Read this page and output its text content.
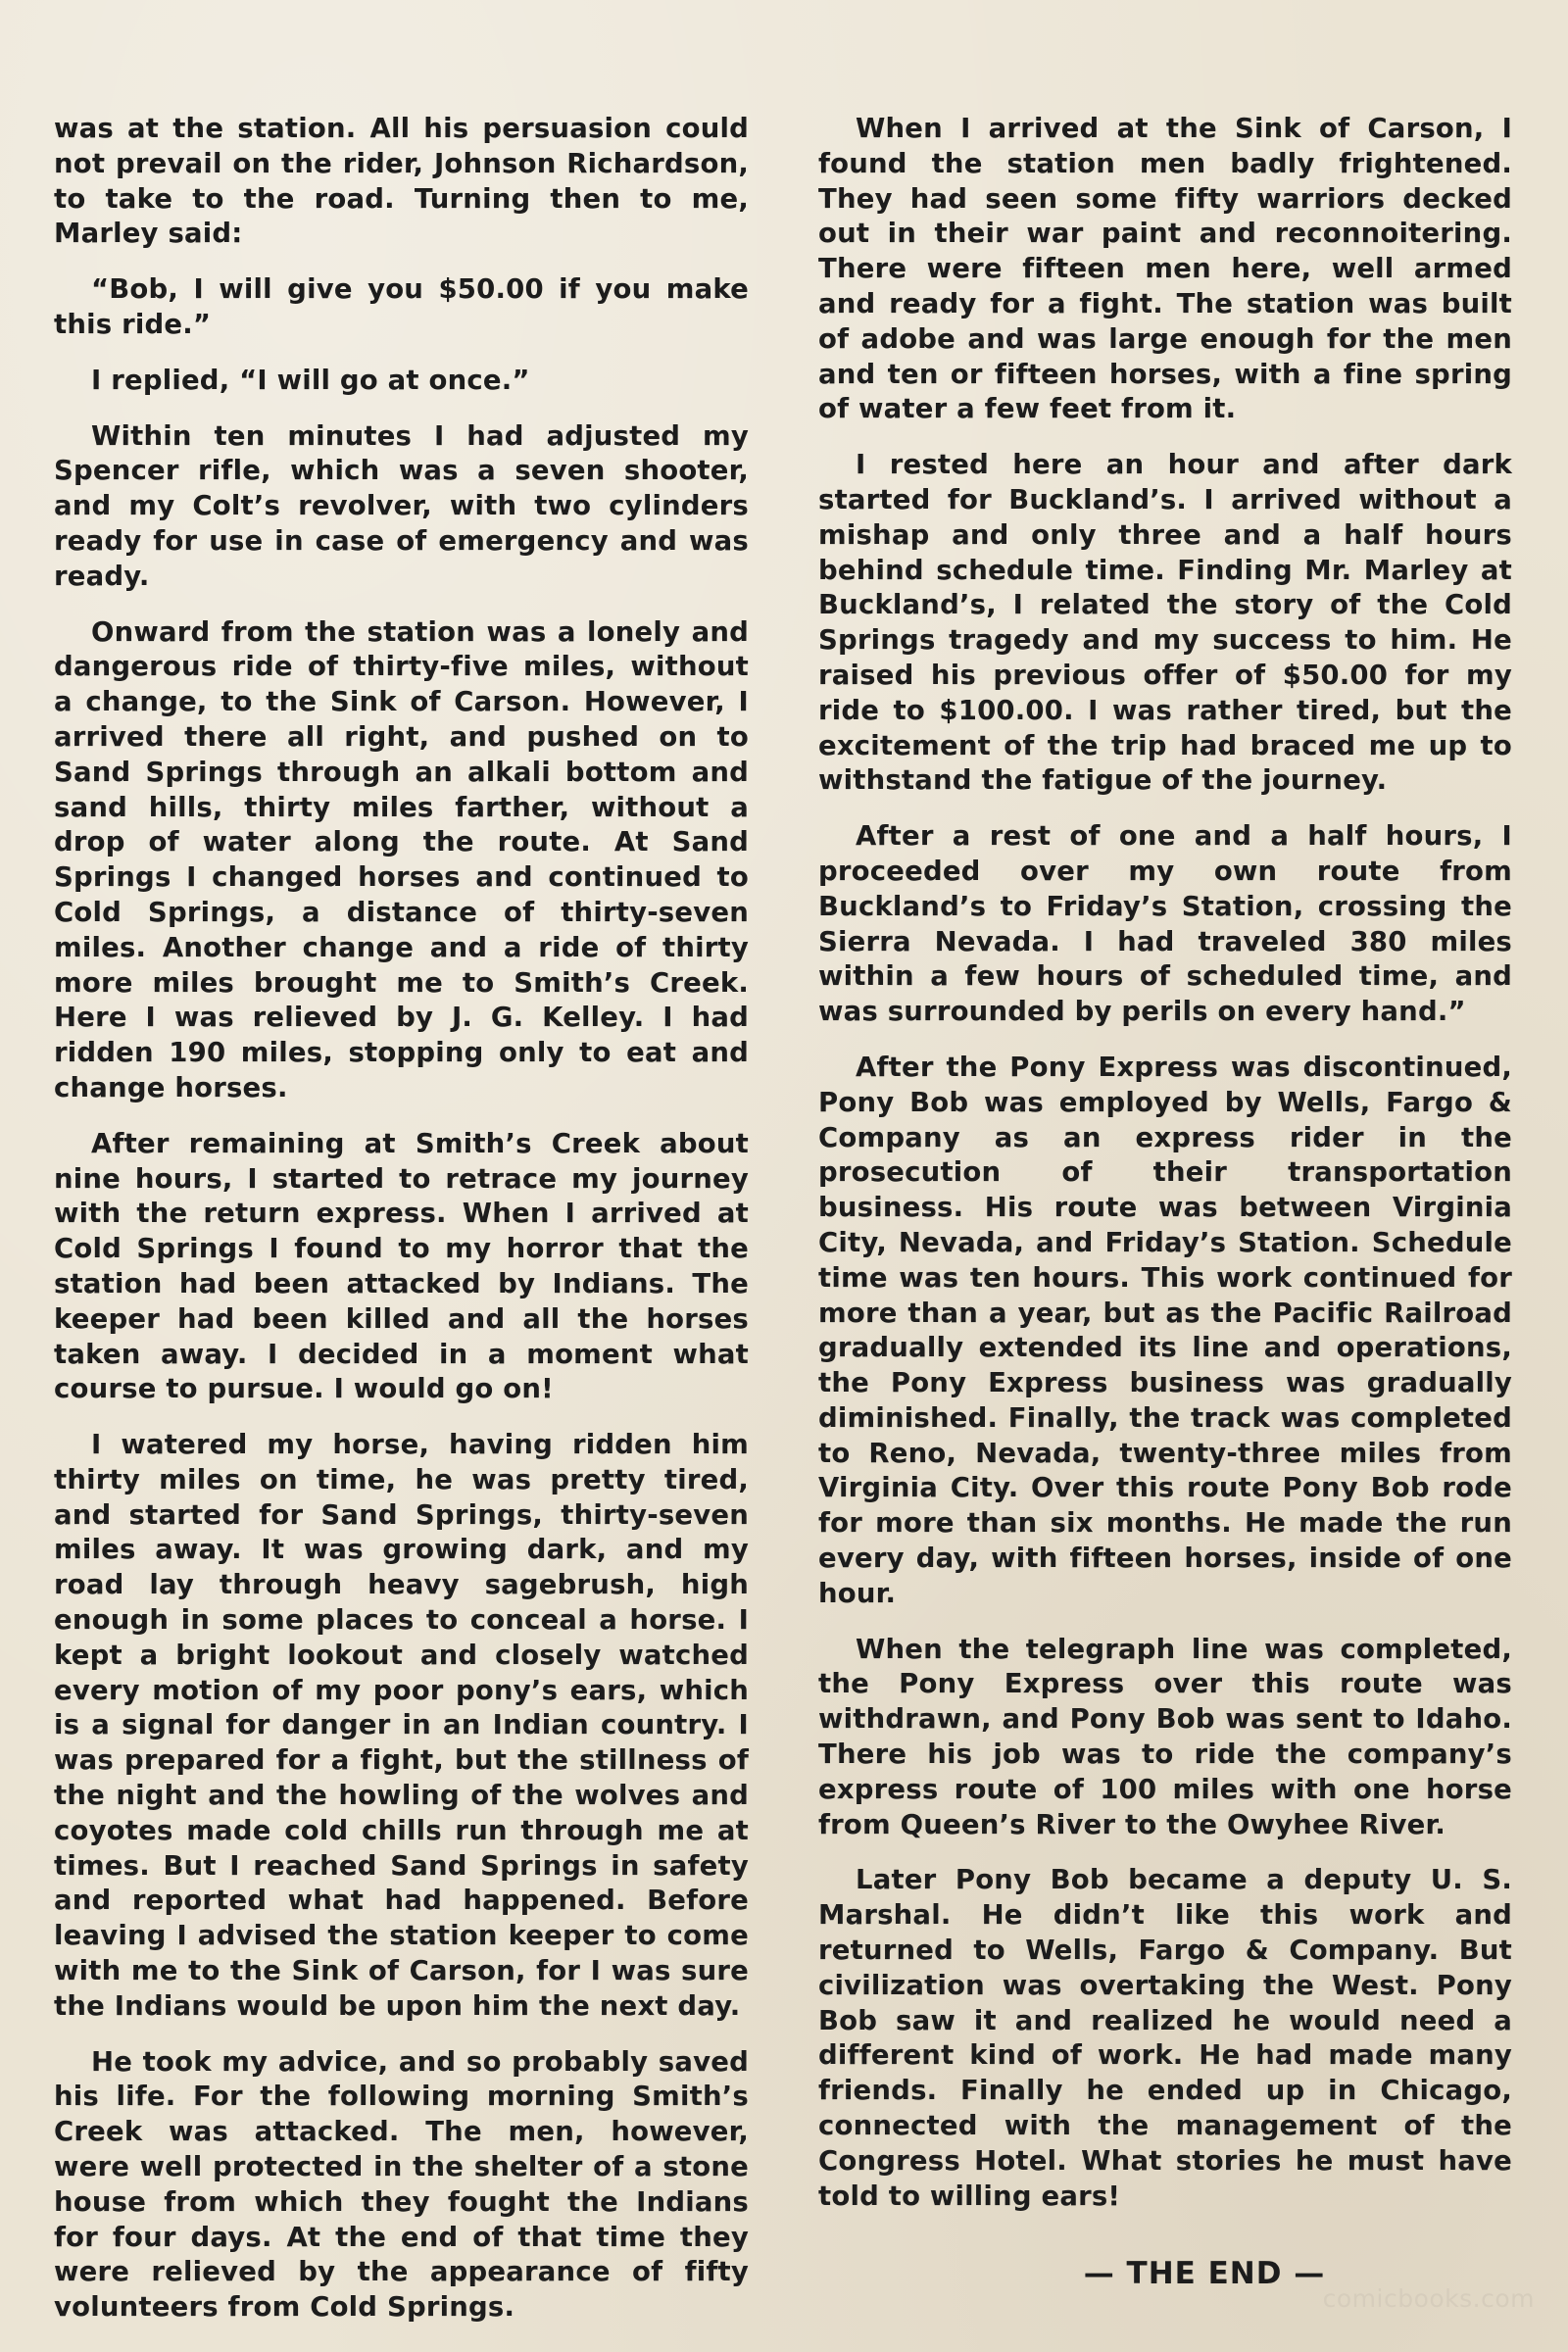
was at the station. All his persuasion could not prevail on the rider, Johnson Richardson, to take to the road. Turning then to me, Marley said:

“Bob, I will give you $50.00 if you make this ride.”

I replied, “I will go at once.”

Within ten minutes I had adjusted my Spencer rifle, which was a seven shooter, and my Colt’s revolver, with two cylinders ready for use in case of emergency and was ready.

Onward from the station was a lonely and dangerous ride of thirty-five miles, without a change, to the Sink of Carson. However, I arrived there all right, and pushed on to Sand Springs through an alkali bottom and sand hills, thirty miles farther, without a drop of water along the route. At Sand Springs I changed horses and continued to Cold Springs, a distance of thirty-seven miles. Another change and a ride of thirty more miles brought me to Smith’s Creek. Here I was relieved by J. G. Kelley. I had ridden 190 miles, stopping only to eat and change horses.

After remaining at Smith’s Creek about nine hours, I started to retrace my journey with the return express. When I arrived at Cold Springs I found to my horror that the station had been attacked by Indians. The keeper had been killed and all the horses taken away. I decided in a moment what course to pursue. I would go on!

I watered my horse, having ridden him thirty miles on time, he was pretty tired, and started for Sand Springs, thirty-seven miles away. It was growing dark, and my road lay through heavy sagebrush, high enough in some places to conceal a horse. I kept a bright lookout and closely watched every motion of my poor pony’s ears, which is a signal for danger in an Indian country. I was prepared for a fight, but the stillness of the night and the howling of the wolves and coyotes made cold chills run through me at times. But I reached Sand Springs in safety and reported what had happened. Before leaving I advised the station keeper to come with me to the Sink of Carson, for I was sure the Indians would be upon him the next day.

He took my advice, and so probably saved his life. For the following morning Smith’s Creek was attacked. The men, however, were well protected in the shelter of a stone house from which they fought the Indians for four days. At the end of that time they were relieved by the appearance of fifty volunteers from Cold Springs.

When I arrived at the Sink of Carson, I found the station men badly frightened. They had seen some fifty warriors decked out in their war paint and reconnoitering. There were fifteen men here, well armed and ready for a fight. The station was built of adobe and was large enough for the men and ten or fifteen horses, with a fine spring of water a few feet from it.

I rested here an hour and after dark started for Buckland’s. I arrived without a mishap and only three and a half hours behind schedule time. Finding Mr. Marley at Buckland’s, I related the story of the Cold Springs tragedy and my success to him. He raised his previous offer of $50.00 for my ride to $100.00. I was rather tired, but the excitement of the trip had braced me up to withstand the fatigue of the journey.

After a rest of one and a half hours, I proceeded over my own route from Buckland’s to Friday’s Station, crossing the Sierra Nevada. I had traveled 380 miles within a few hours of scheduled time, and was surrounded by perils on every hand.”

After the Pony Express was discontinued, Pony Bob was employed by Wells, Fargo & Company as an express rider in the prosecution of their transportation business. His route was between Virginia City, Nevada, and Friday’s Station. Schedule time was ten hours. This work continued for more than a year, but as the Pacific Railroad gradually extended its line and operations, the Pony Express business was gradually diminished. Finally, the track was completed to Reno, Nevada, twenty-three miles from Virginia City. Over this route Pony Bob rode for more than six months. He made the run every day, with fifteen horses, inside of one hour.

When the telegraph line was completed, the Pony Express over this route was withdrawn, and Pony Bob was sent to Idaho. There his job was to ride the company’s express route of 100 miles with one horse from Queen’s River to the Owyhee River.

Later Pony Bob became a deputy U. S. Marshal. He didn’t like this work and returned to Wells, Fargo & Company. But civilization was overtaking the West. Pony Bob saw it and realized he would need a different kind of work. He had made many friends. Finally he ended up in Chicago, connected with the management of the Congress Hotel. What stories he must have told to willing ears!

— THE END —
comicbooks.com
